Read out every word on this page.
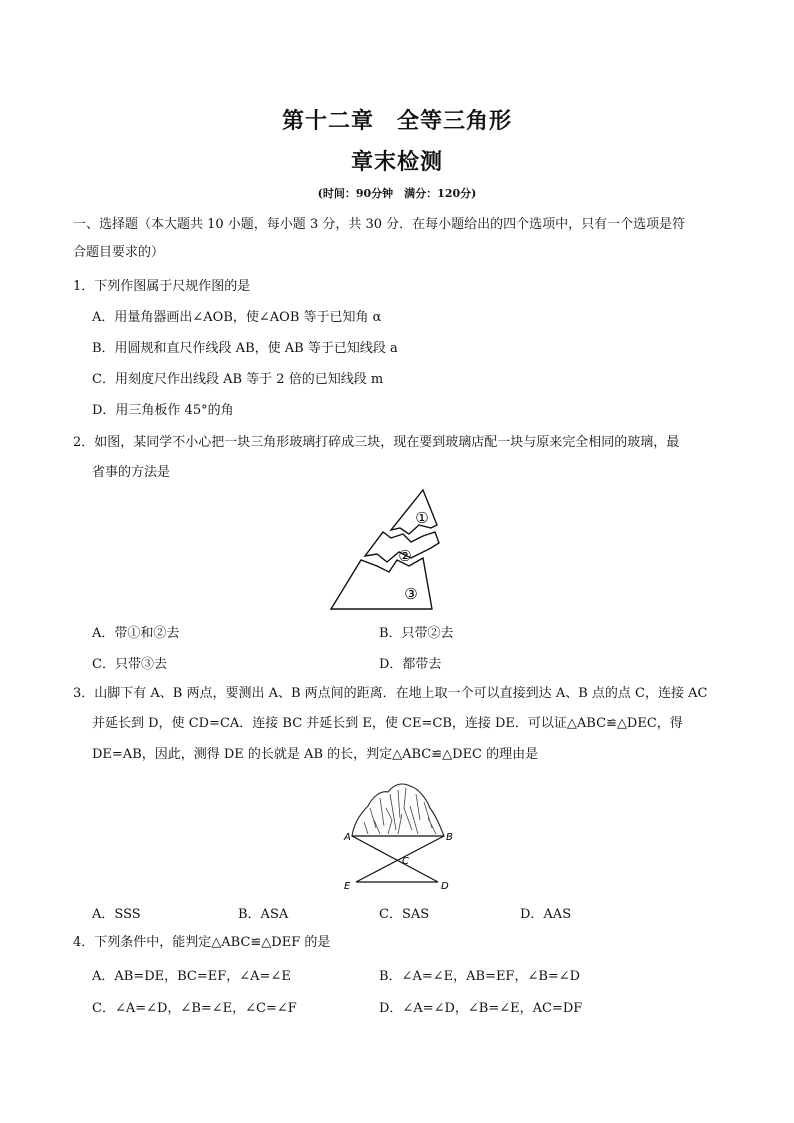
第十二章　全等三角形
章末检测
(时间：90分钟　满分：120分)
一、选择题（本大题共 10 小题，每小题 3 分，共 30 分．在每小题给出的四个选项中，只有一个选项是符
合题目要求的）
1．下列作图属于尺规作图的是
A．用量角器画出∠AOB，使∠AOB 等于已知角 α
B．用圆规和直尺作线段 AB，使 AB 等于已知线段 a
C．用刻度尺作出线段 AB 等于 2 倍的已知线段 m
D．用三角板作 45°的角
2．如图，某同学不小心把一块三角形玻璃打碎成三块，现在要到玻璃店配一块与原来完全相同的玻璃，最
省事的方法是
①
②
③
A．带①和②去	B．只带②去
C．只带③去	D．都带去
3．山脚下有 A、B 两点，要测出 A、B 两点间的距离．在地上取一个可以直接到达 A、B 点的点 C，连接 AC
并延长到 D，使 CD=CA．连接 BC 并延长到 E，使 CE=CB，连接 DE．可以证△ABC≌△DEC，得
DE=AB，因此，测得 DE 的长就是 AB 的长，判定△ABC≌△DEC 的理由是
A	B
C
E	D
A．SSS	B．ASA	C．SAS	D．AAS
4．下列条件中，能判定△ABC≌△DEF 的是
A．AB=DE，BC=EF，∠A=∠E	B．∠A=∠E，AB=EF，∠B=∠D
C．∠A=∠D，∠B=∠E，∠C=∠F	D．∠A=∠D，∠B=∠E，AC=DF
